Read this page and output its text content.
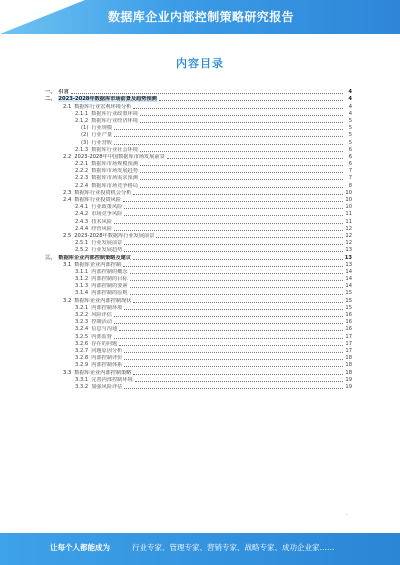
数据库企业内部控制策略研究报告
内容目录
一、 引言	4
二、 2023-2028年数据库市场前景及趋势预测	4
2.1 数据库行业宏观环境分析	4
2.1.1 数据库行业政策环境	4
2.1.2 数据库行业经济环境	5
(1) 行业规模	5
(2) 行业产量	5
(3) 行业营收	5
2.1.3 数据库行业社会环境	6
2.2 2023-2028年中国数据库市场发展前景	6
2.2.1 数据库市场规模预测	6
2.2.2 数据库市场发展趋势	7
2.2.3 数据库市场需求预测	7
2.2.4 数据库市场竞争格局	8
2.3 数据库行业投资机会分析	10
2.4 数据库行业投资风险	10
2.4.1 行业政策风险	10
2.4.2 市场竞争风险	11
2.4.3 技术风险	11
2.4.4 经营风险	12
2.5 2023-2028年数据库行业发展前景	12
2.5.1 行业发展前景	12
2.5.2 行业发展趋势	13
三、 数据库企业内部控制策略及建议	13
3.1 数据库企业内部控制	13
3.1.1 内部控制的概念	14
3.1.2 内部控制的目标	14
3.1.3 内部控制的要素	14
3.1.4 内部控制的原则	15
3.2 数据库企业内部控制现状	15
3.2.1 内部控制环境	15
3.2.2 风险评估	16
3.2.3 控制活动	16
3.2.4 信息与沟通	16
3.2.5 内部监督	17
3.2.6 存在的问题	17
3.2.7 问题原因分析	17
3.2.8 内部控制评价	18
3.2.9 内部控制体系	18
3.3 数据库企业内部控制策略	18
3.3.1 完善内部控制环境	19
3.3.2 加强风险评估	19
·
让每个人都能成为	行业专家、管理专家、营销专家、战略专家、成功企业家……
